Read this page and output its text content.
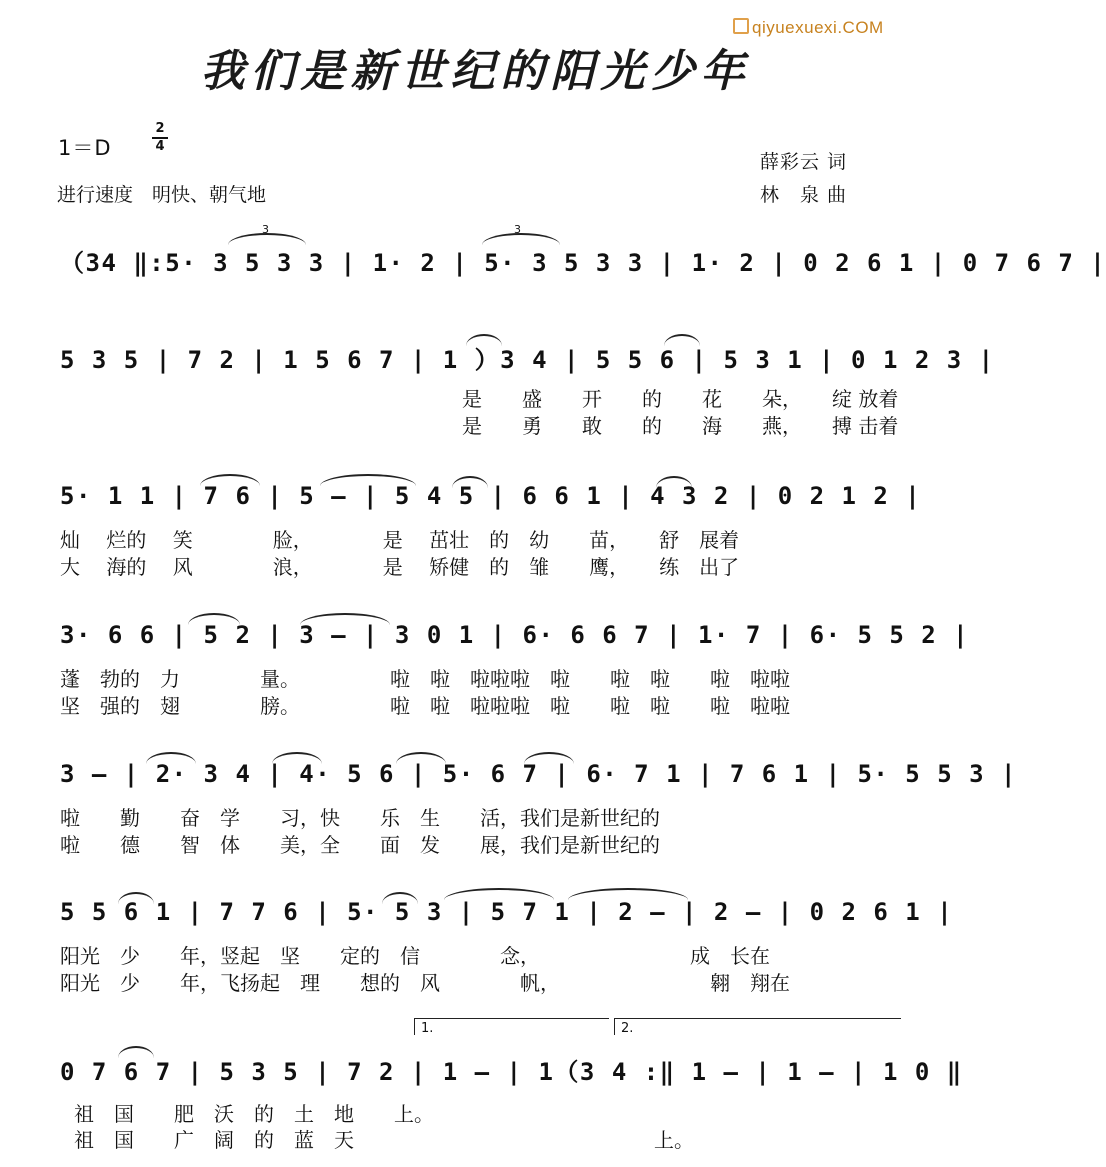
qiyuexuexi.COM
我们是新世纪的阳光少年
1＝D
2
4
进行速度　明快、朝气地
薛彩云 词
林　泉 曲
（34 ‖:5· 3 5 3 3 | 1· 2 | 5· 3 5 3 3 | 1· 2 | 0 2 6 1 | 0 7 6 7 |
3	3
5 3 5 | 7 2 | 1 5 6 7 | 1 ）3 4 | 5 5 6 | 5 3 1 | 0 1 2 3 |
是　　盛　　开　　的　　花　　朵，　　绽 放着
是　　勇　　敢　　的　　海　　燕，　　搏 击着
5· 1 1 | 7 6 | 5 — | 5 4 5 | 6 6 1 | 4 3 2 | 0 2 1 2 |
灿　 烂的　 笑　　　　脸，　　　　是　 茁壮　的　幼　　苗，　　舒　展着
大　 海的　 风　　　　浪，　　　　是　 矫健　的　雏　　鹰，　　练　出了
3· 6 6 | 5 2 | 3 — | 3 0 1 | 6· 6 6 7 | 1· 7 | 6· 5 5 2 |
蓬　勃的　力　　　　量。　　　　　啦　啦　啦啦啦　啦　　啦　啦　　啦　啦啦
坚　强的　翅　　　　膀。　　　　　啦　啦　啦啦啦　啦　　啦　啦　　啦　啦啦
3 — | 2· 3 4 | 4· 5 6 | 5· 6 7 | 6· 7 1 | 7 6 1 | 5· 5 5 3 |
啦　　勤　　奋　学　　习，快　　乐　生　　活，我们是新世纪的
啦　　德　　智　体　　美，全　　面　发　　展，我们是新世纪的
5 5 6 1 | 7 7 6 | 5· 5 3 | 5 7 1 | 2 — | 2 — | 0 2 6 1 |
阳光　少　　年，竖起　坚　　定的　信　　　　念，　　　　　　　　成　长在
阳光　少　　年，飞扬起　理　　想的　风　　　　帆，　　　　　　　　翱　翔在
1.	2.
0 7 6 7 | 5 3 5 | 7 2 | 1 — | 1（3 4 :‖ 1 — | 1 — | 1 0 ‖
祖　国　　肥　沃　的　土　地　　上。
祖　国　　广　阔　的　蓝　天　　　　　　　　　　　　　　　上。
